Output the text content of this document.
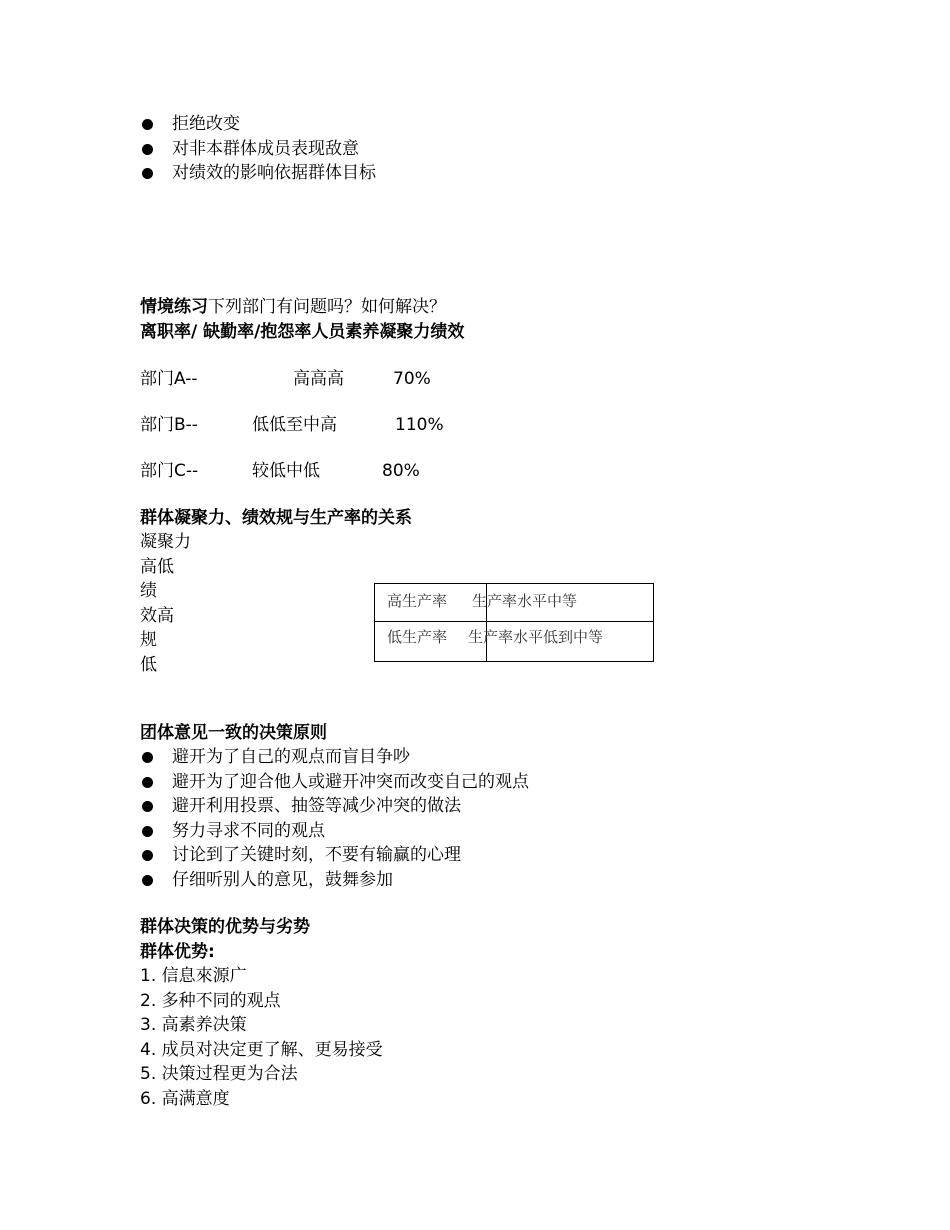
拒绝改变
对非本群体成员表现敌意
对绩效的影响依据群体目标
情境练习下列部门有问题吗？如何解决？
离职率/ 缺勤率/抱怨率人员素养凝聚力绩效
部门A--	高高高	70%
部门B--	低低至中高	110%
部门C--	较低中低	80%
群体凝聚力、绩效规与生产率的关系
凝聚力
高低
绩
效高
规
低
高生产率 生产率水平中等
低生产率 生产率水平低到中等
团体意见一致的决策原则
避开为了自己的观点而盲目争吵
避开为了迎合他人或避开冲突而改变自己的观点
避开利用投票、抽签等减少冲突的做法
努力寻求不同的观点
讨论到了关键时刻，不要有输赢的心理
仔细听别人的意见，鼓舞参加
群体决策的优势与劣势
群体优势:
1. 信息來源广
2. 多种不同的观点
3. 高素养决策
4. 成员对决定更了解、更易接受
5. 决策过程更为合法
6. 高满意度
